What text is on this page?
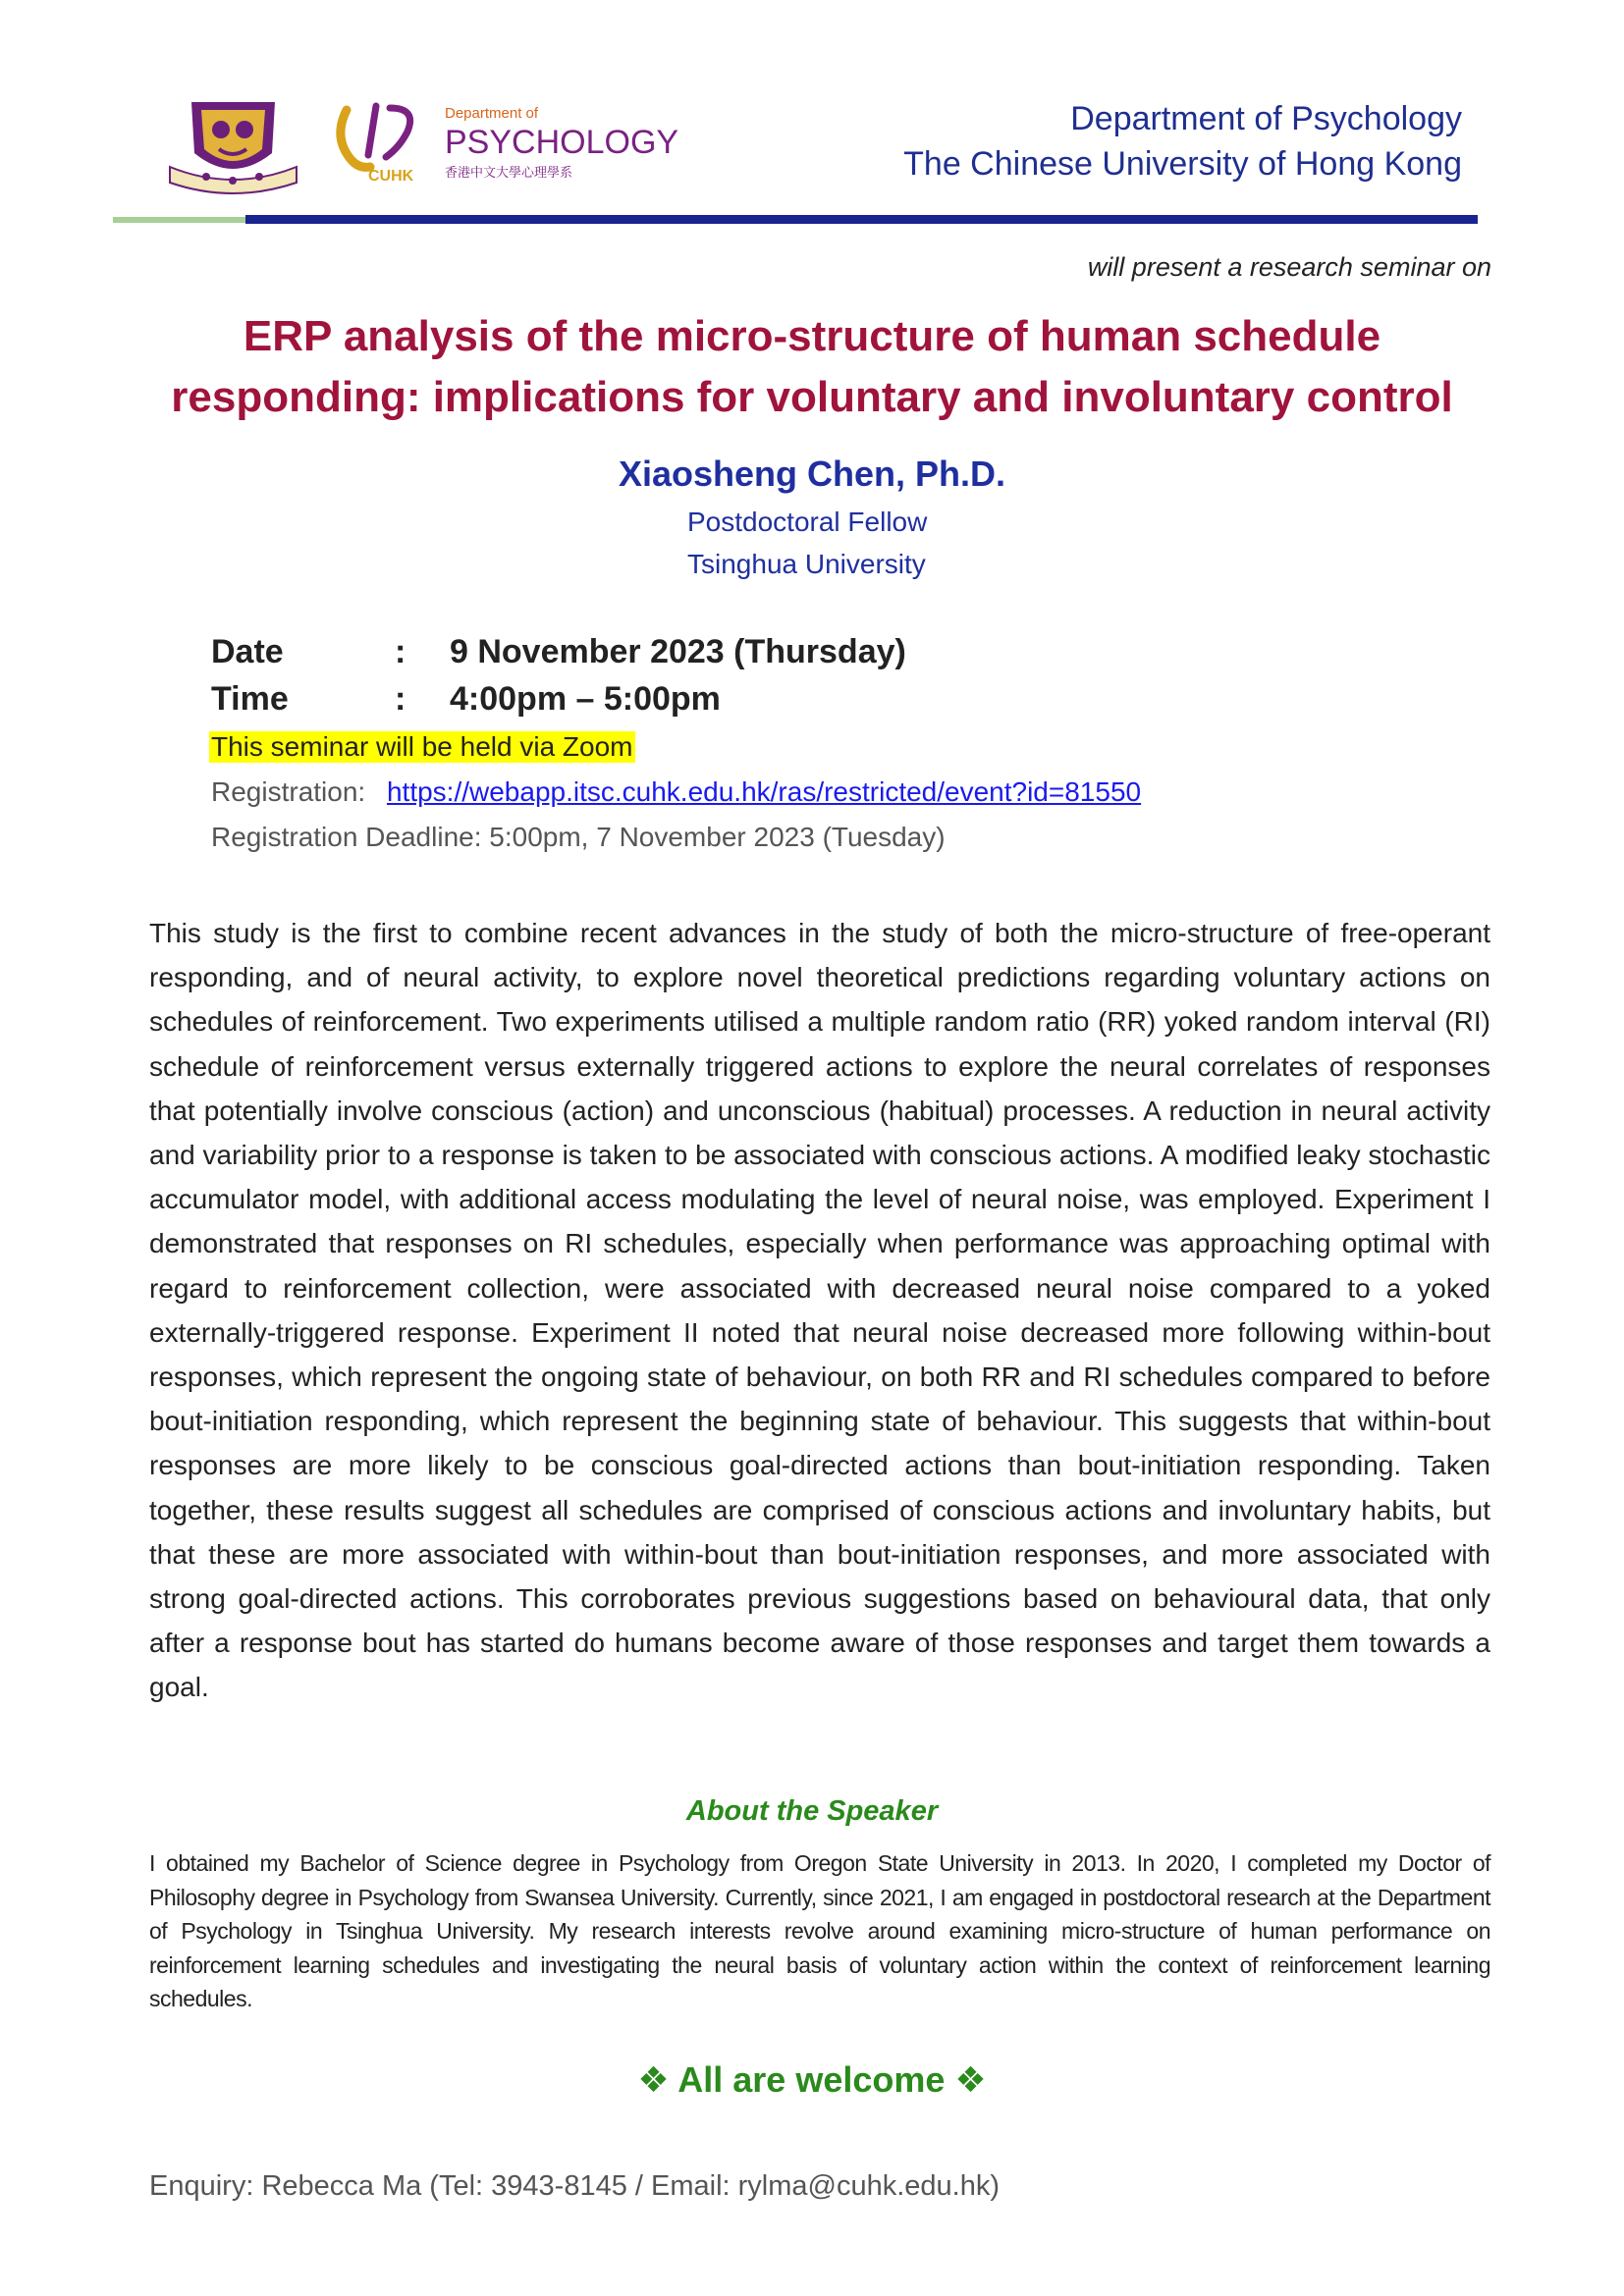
CUHK
Department of
PSYCHOLOGY
香港中文大學心理學系
Department of Psychology
The Chinese University of Hong Kong
will present a research seminar on
ERP analysis of the micro-structure of human schedule
responding: implications for voluntary and involuntary control
Xiaosheng Chen, Ph.D.
Postdoctoral Fellow
Tsinghua University
Date	: 9 November 2023 (Thursday)
Time	: 4:00pm – 5:00pm
This seminar will be held via Zoom
Registration: https://webapp.itsc.cuhk.edu.hk/ras/restricted/event?id=81550
Registration Deadline: 5:00pm, 7 November 2023 (Tuesday)
This study is the first to combine recent advances in the study of both the micro-structure of free-operant responding, and of neural activity, to explore novel theoretical predictions regarding voluntary actions on schedules of reinforcement. Two experiments utilised a multiple random ratio (RR) yoked random interval (RI) schedule of reinforcement versus externally triggered actions to explore the neural correlates of responses that potentially involve conscious (action) and unconscious (habitual) processes. A reduction in neural activity and variability prior to a response is taken to be associated with conscious actions. A modified leaky stochastic accumulator model, with additional access modulating the level of neural noise, was employed. Experiment I demonstrated that responses on RI schedules, especially when performance was approaching optimal with regard to reinforcement collection, were associated with decreased neural noise compared to a yoked externally-triggered response. Experiment II noted that neural noise decreased more following within-bout responses, which represent the ongoing state of behaviour, on both RR and RI schedules compared to before bout-initiation responding, which represent the beginning state of behaviour. This suggests that within-bout responses are more likely to be conscious goal-directed actions than bout-initiation responding. Taken together, these results suggest all schedules are comprised of conscious actions and involuntary habits, but that these are more associated with within-bout than bout-initiation responses, and more associated with strong goal-directed actions. This corroborates previous suggestions based on behavioural data, that only after a response bout has started do humans become aware of those responses and target them towards a goal.
About the Speaker
I obtained my Bachelor of Science degree in Psychology from Oregon State University in 2013. In 2020, I completed my Doctor of Philosophy degree in Psychology from Swansea University. Currently, since 2021, I am engaged in postdoctoral research at the Department of Psychology in Tsinghua University. My research interests revolve around examining micro-structure of human performance on reinforcement learning schedules and investigating the neural basis of voluntary action within the context of reinforcement learning schedules.
❖ All are welcome ❖
Enquiry: Rebecca Ma (Tel: 3943-8145 / Email: rylma@cuhk.edu.hk)
